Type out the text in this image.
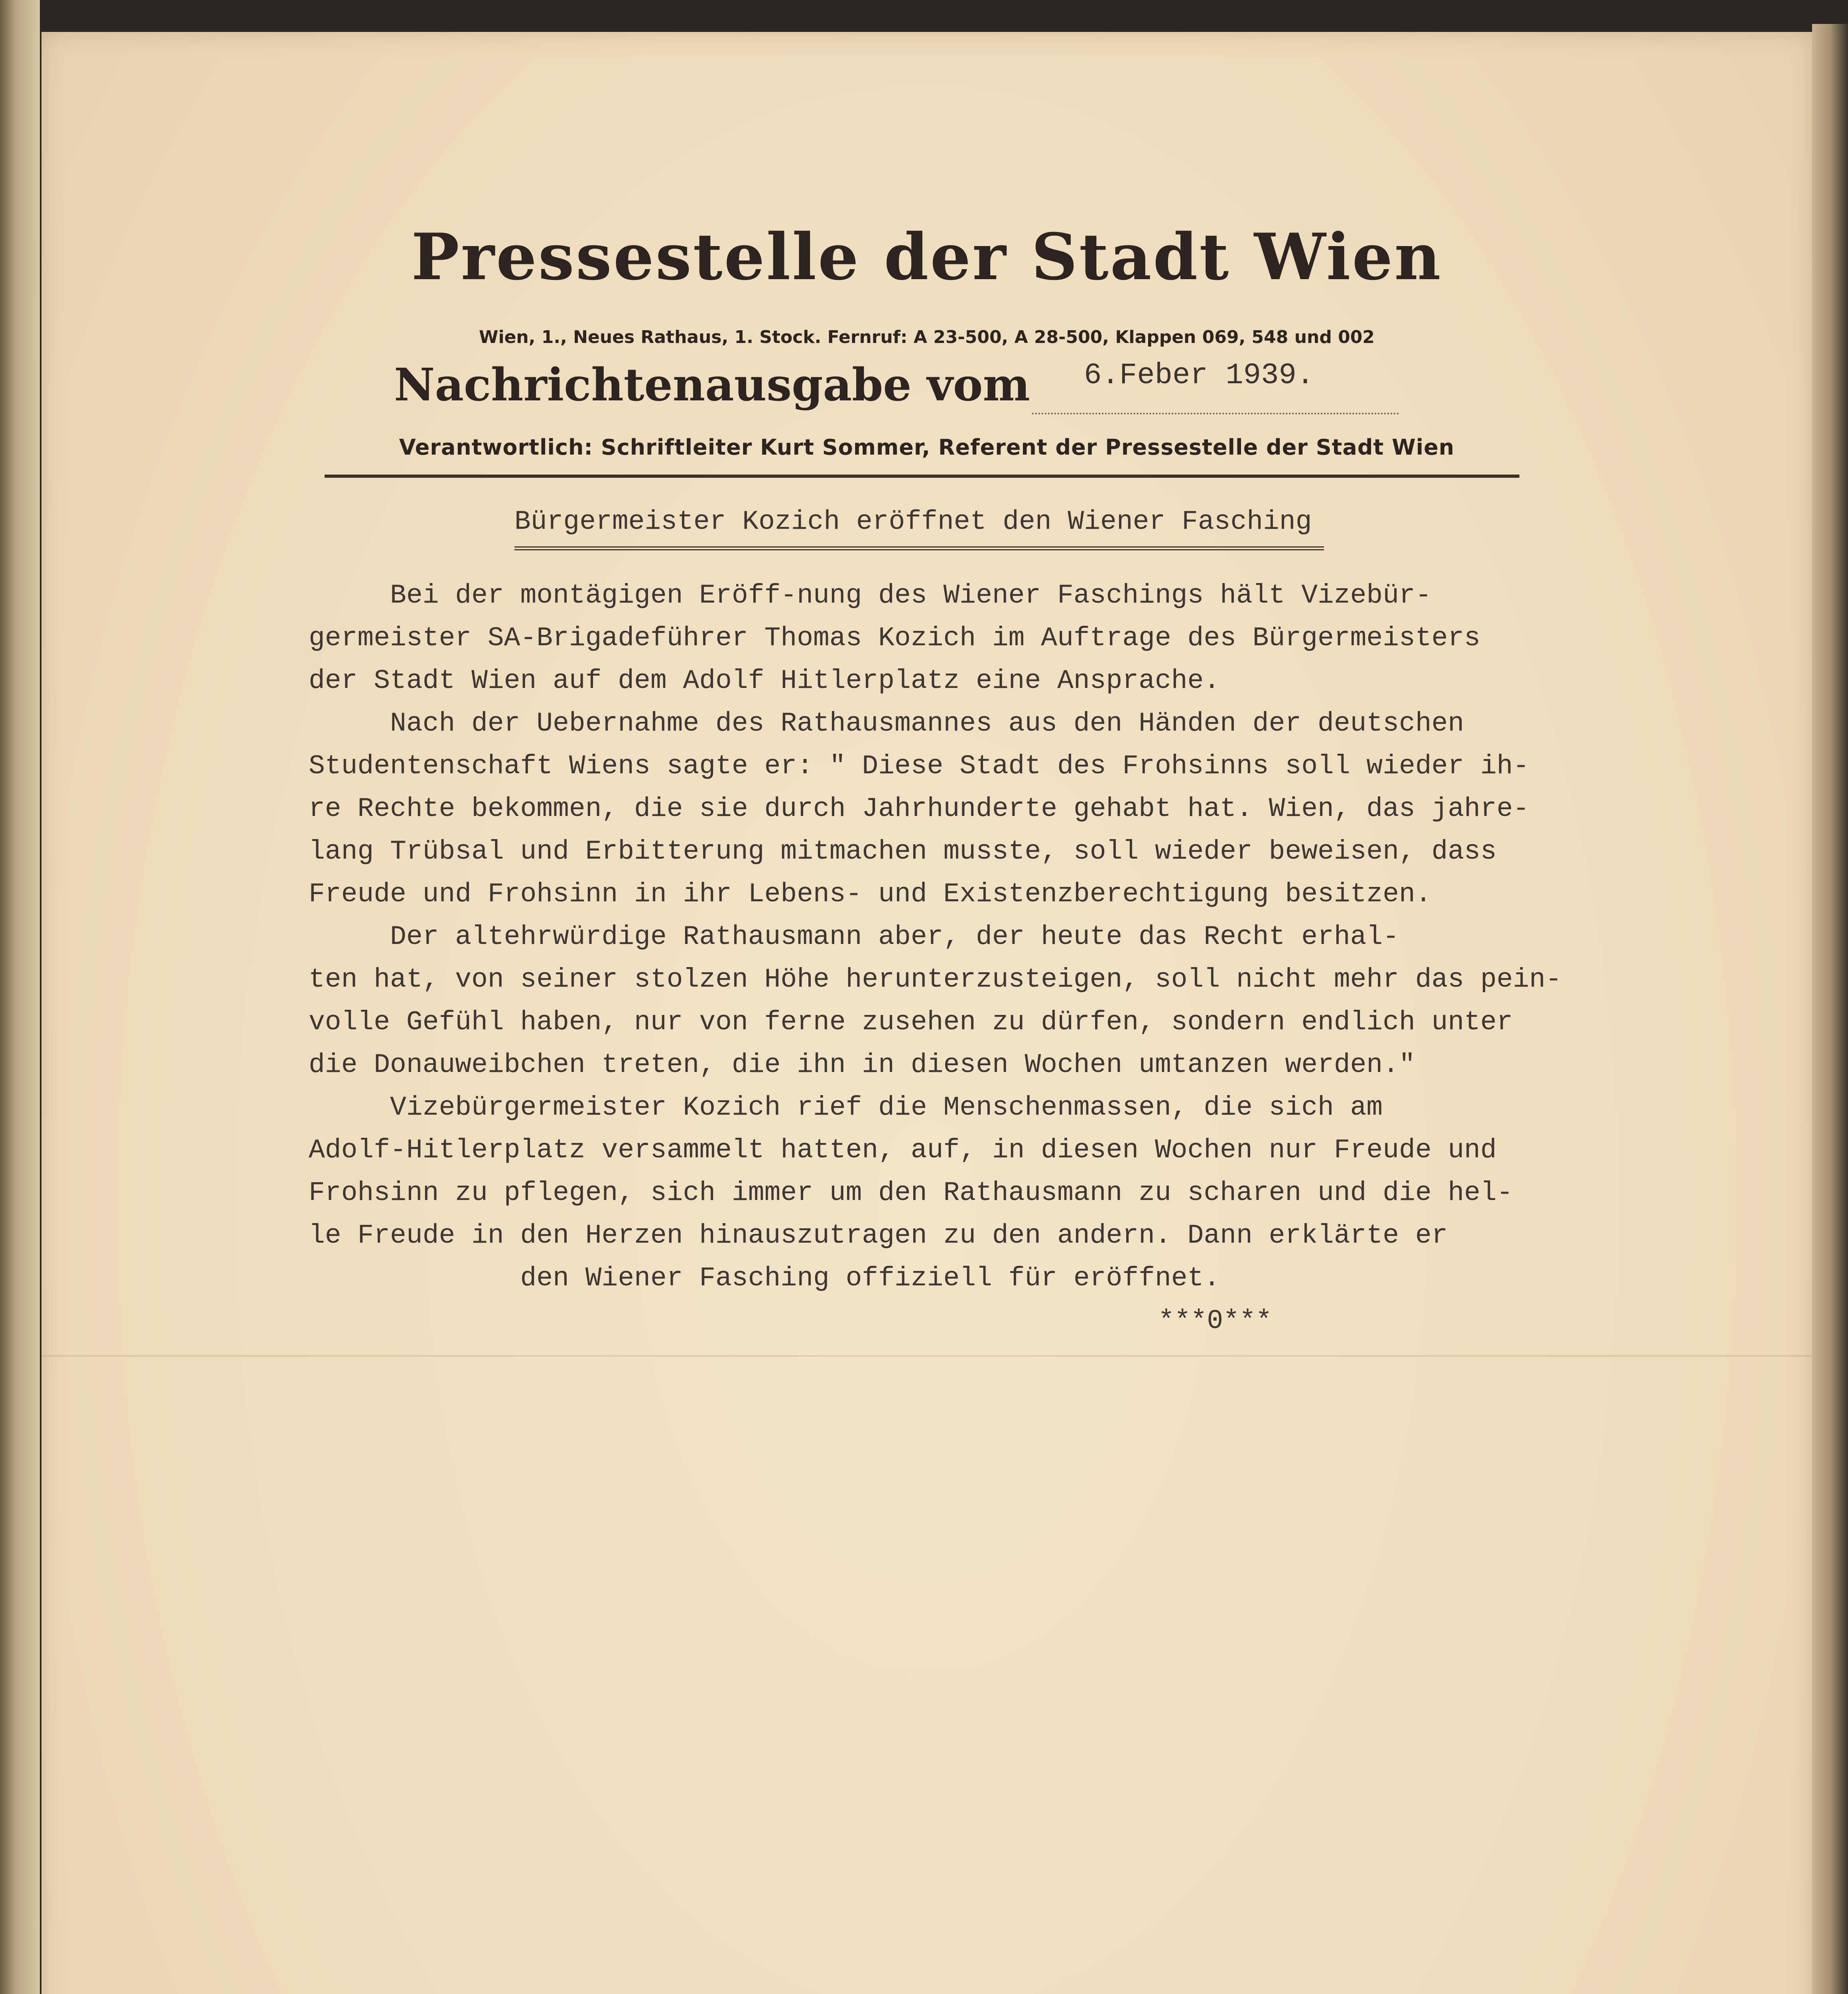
Pressestelle der Stadt Wien
Wien, 1., Neues Rathaus, 1. Stock. Fernruf: A 23-500, A 28-500, Klappen 069, 548 und 002
Nachrichtenausgabe vom 6.Feber 1939.
Verantwortlich: Schriftleiter Kurt Sommer, Referent der Pressestelle der Stadt Wien
Bürgermeister Kozich eröffnet den Wiener Fasching

Bei der montägigen Eröff-nung des Wiener Faschings hält Vizebür-

germeister SA-Brigadeführer Thomas Kozich im Auftrage des Bürgermeisters

der Stadt Wien auf dem Adolf Hitlerplatz eine Ansprache.

Nach der Uebernahme des Rathausmannes aus den Händen der deutschen

Studentenschaft Wiens sagte er: " Diese Stadt des Frohsinns soll wieder ih-

re Rechte bekommen, die sie durch Jahrhunderte gehabt hat. Wien, das jahre-

lang Trübsal und Erbitterung mitmachen musste, soll wieder beweisen, dass

Freude und Frohsinn in ihr Lebens- und Existenzberechtigung besitzen.

Der altehrwürdige Rathausmann aber, der heute das Recht erhal-

ten hat, von seiner stolzen Höhe herunterzusteigen, soll nicht mehr das pein-

volle Gefühl haben, nur von ferne zusehen zu dürfen, sondern endlich unter

die Donauweibchen treten, die ihn in diesen Wochen umtanzen werden."

Vizebürgermeister Kozich rief die Menschenmassen, die sich am

Adolf-Hitlerplatz versammelt hatten, auf, in diesen Wochen nur Freude und

Frohsinn zu pflegen, sich immer um den Rathausmann zu scharen und die hel-

le Freude in den Herzen hinauszutragen zu den andern. Dann erklärte er

den Wiener Fasching offiziell für eröffnet.

***0***
